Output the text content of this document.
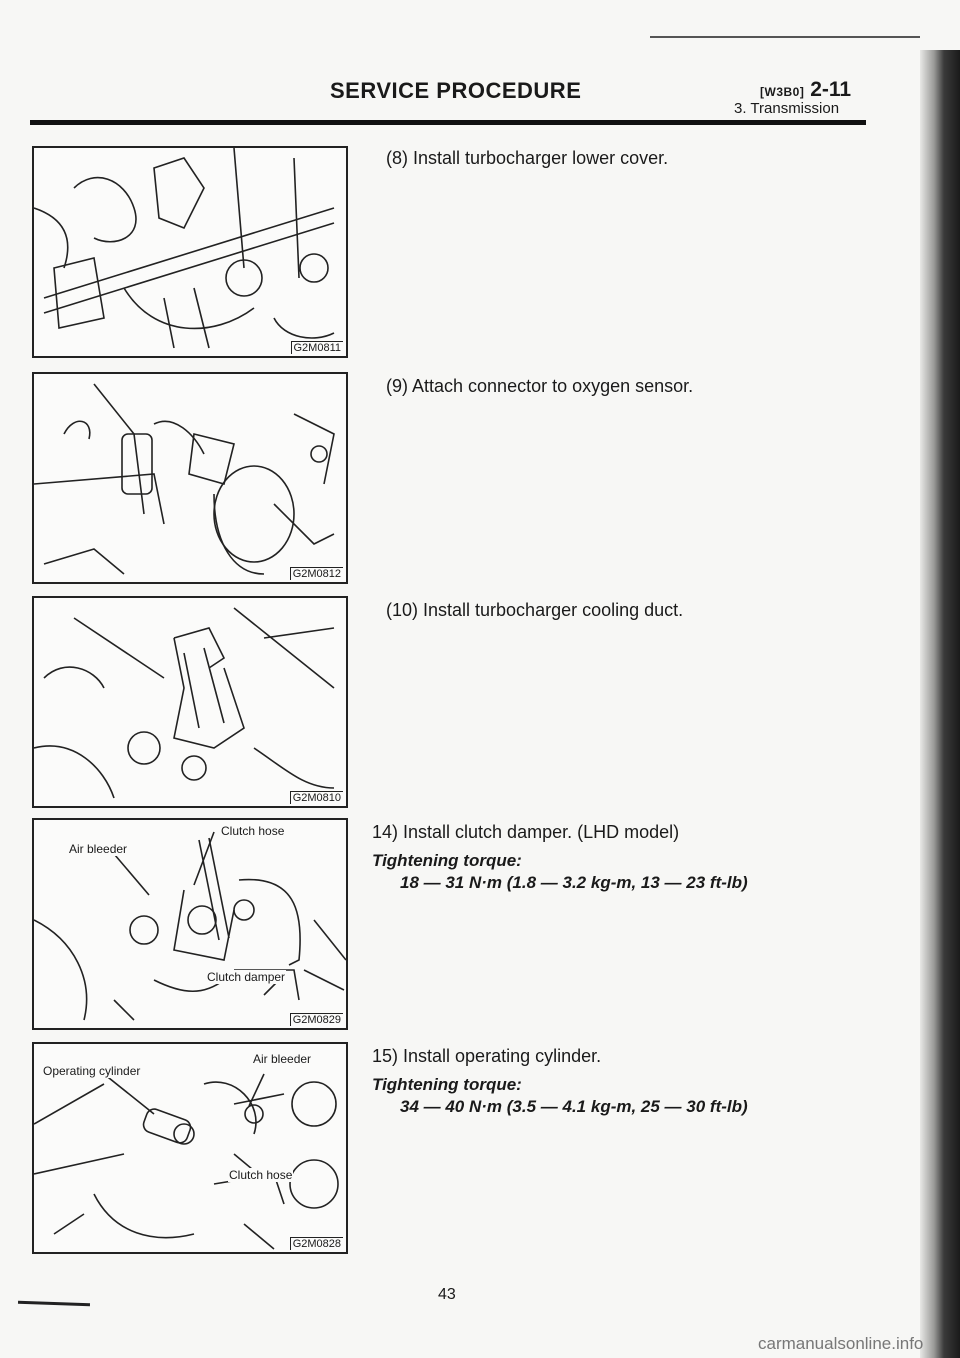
SERVICE PROCEDURE	[W3B0] 2-11
3. Transmission
G2M0811
G2M0812
G2M0810
Air bleeder
Clutch hose
Clutch damper
G2M0829
Operating cylinder
Air bleeder
Clutch hose
G2M0828
(8) Install turbocharger lower cover.
(9) Attach connector to oxygen sensor.
(10) Install turbocharger cooling duct.
14) Install clutch damper. (LHD model)
Tightening torque:
18 — 31 N·m (1.8 — 3.2 kg-m, 13 — 23 ft-lb)
15) Install operating cylinder.
Tightening torque:
34 — 40 N·m (3.5 — 4.1 kg-m, 25 — 30 ft-lb)
43
carmanualsonline.info
